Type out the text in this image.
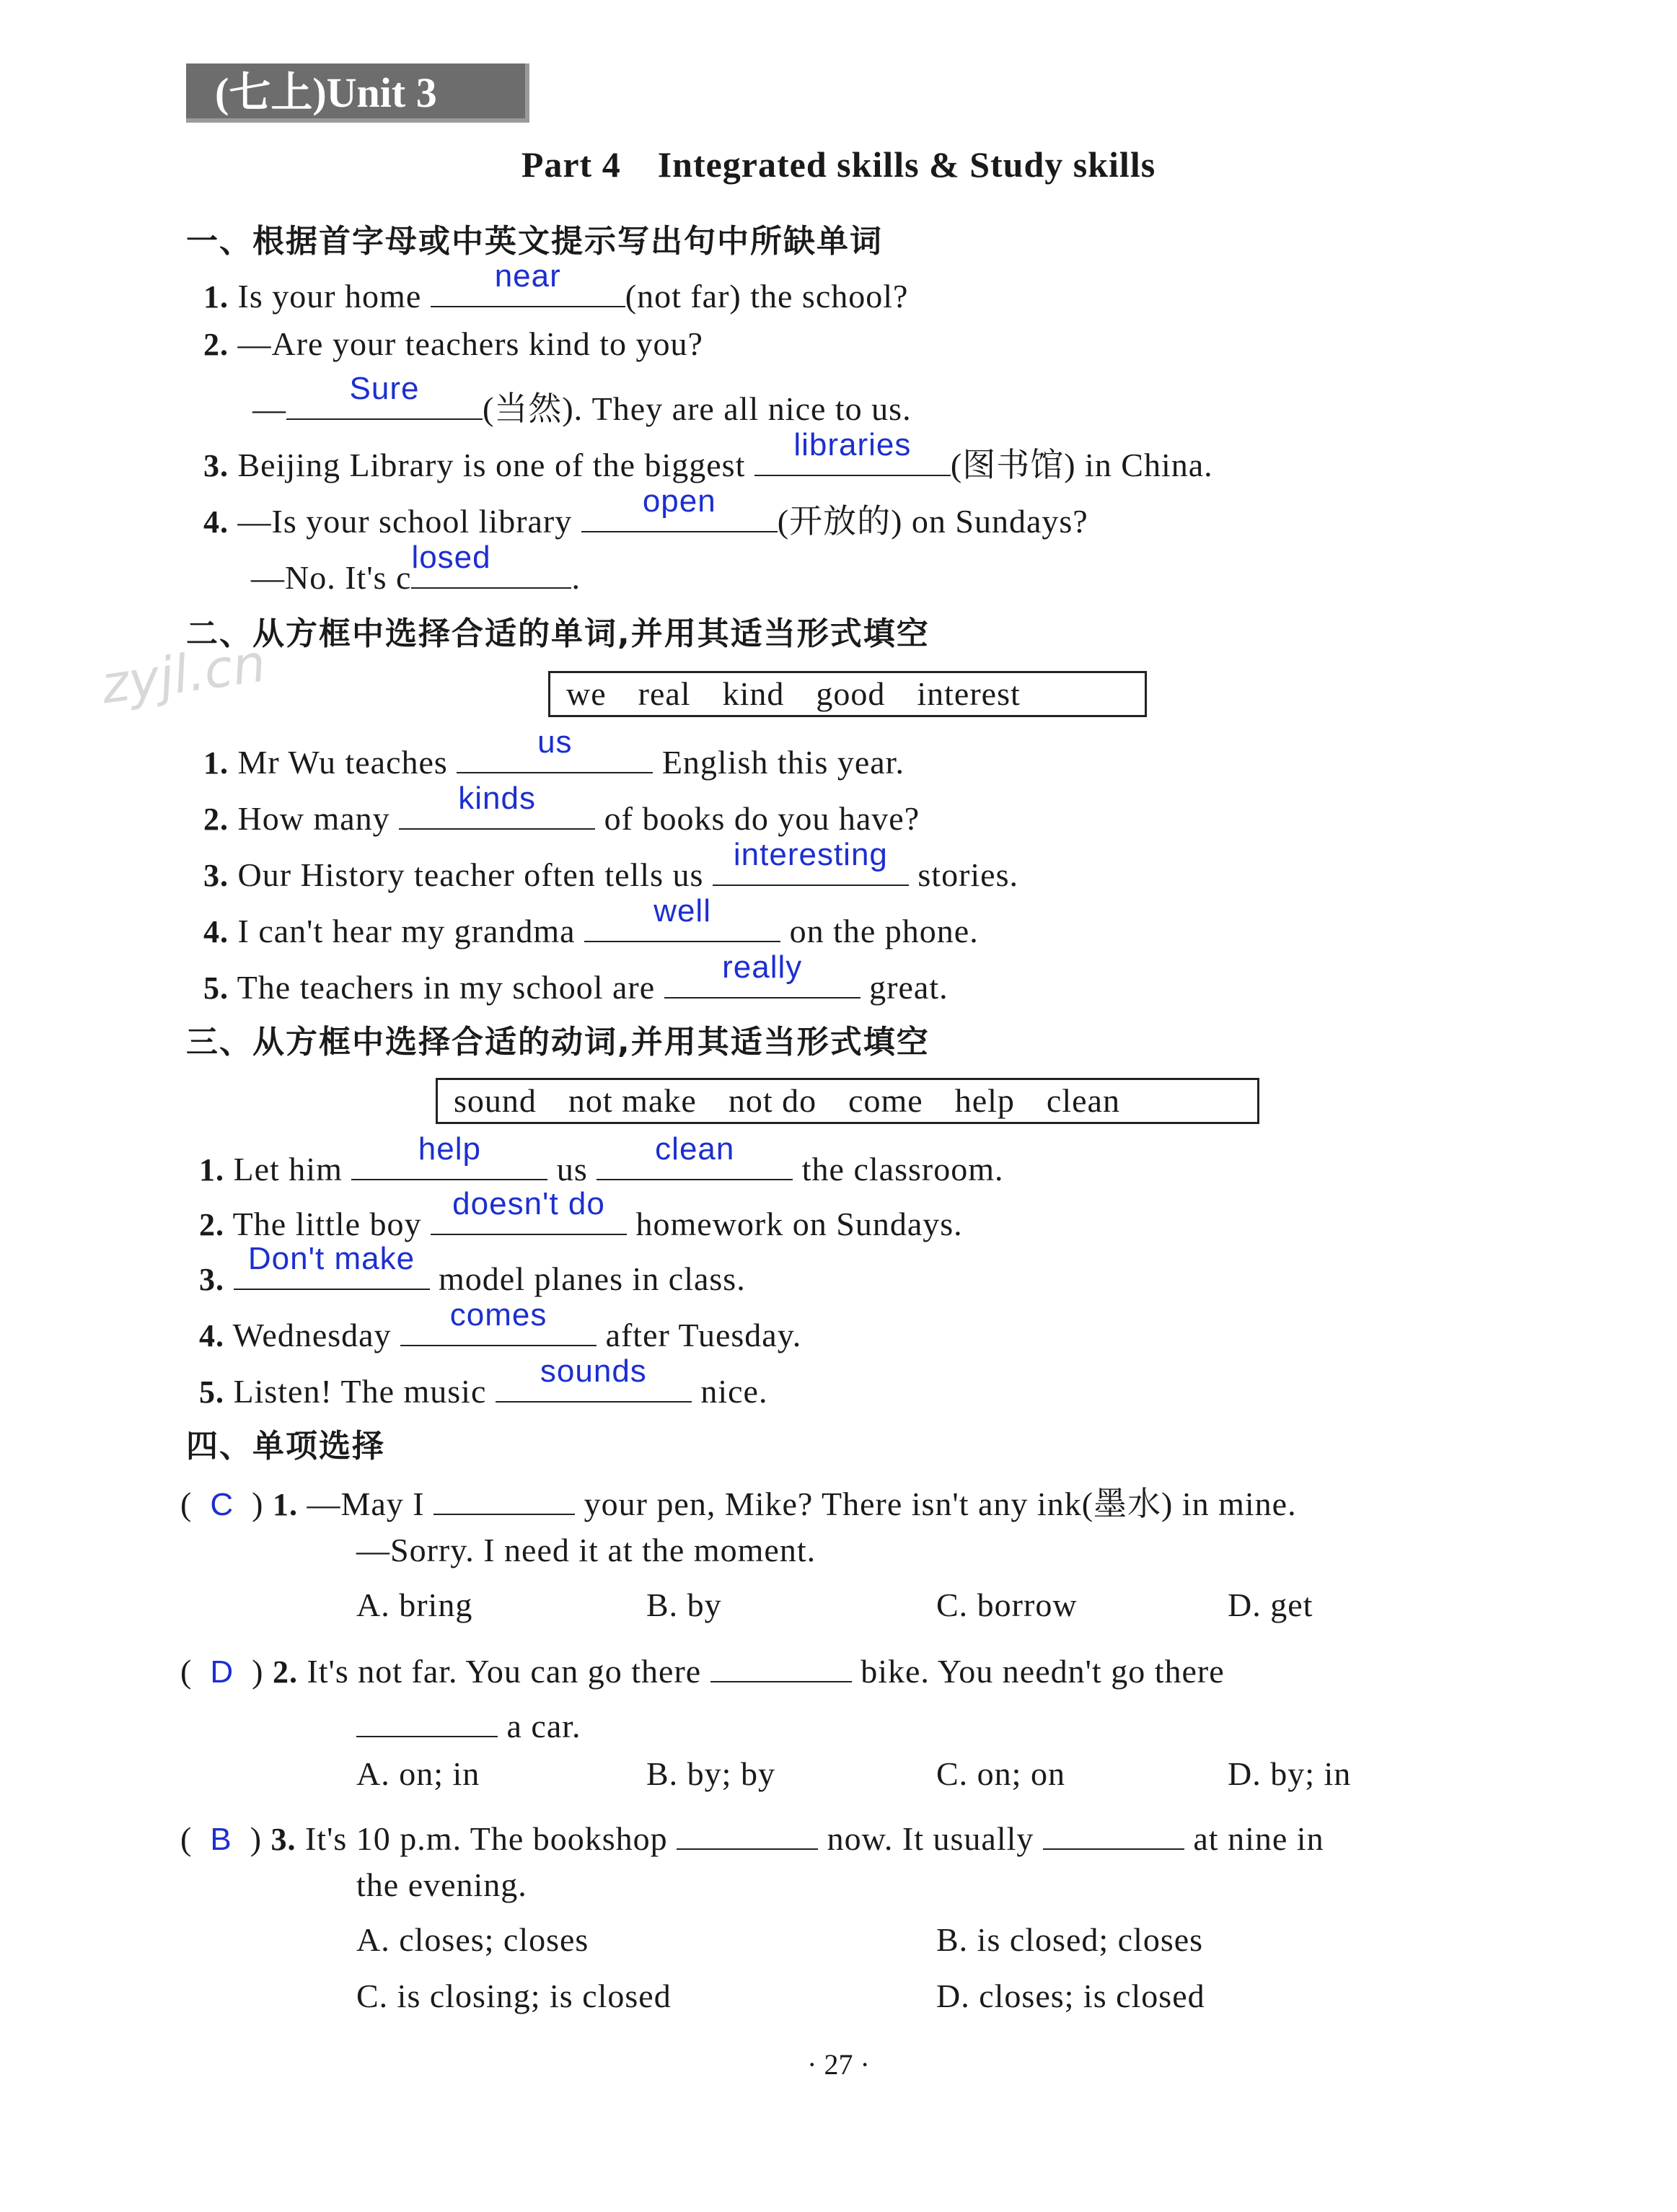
(七上)Unit 3
Part 4　Integrated skills & Study skills
zyjl.cn
一、根据首字母或中英文提示写出句中所缺单词
1. Is your home
near
(not far) the school?
2. —Are your teachers kind to you?
—
Sure
(当然). They are all nice to us.
3. Beijing Library is one of the biggest
libraries
(图书馆) in China.
4. —Is your school library
open
(开放的) on Sundays?
—No. It's c
losed
.
二、从方框中选择合适的单词,并用其适当形式填空
we real kind good interest
1. Mr Wu teaches
us
English this year.
2. How many
kinds
of books do you have?
3. Our History teacher often tells us
interesting
stories.
4. I can't hear my grandma
well
on the phone.
5. The teachers in my school are
really
great.
三、从方框中选择合适的动词,并用其适当形式填空
sound not make not do come help clean
1. Let him
help
us
clean
the classroom.
2. The little boy
doesn't do
homework on Sundays.
3.
Don't make
model planes in class.
4. Wednesday
comes
after Tuesday.
5. Listen! The music
sounds
nice.
四、单项选择
(  C  ) 1. —May I	your pen, Mike? There isn't any ink(墨水) in mine.
—Sorry. I need it at the moment.
A. bring	B. by	C. borrow	D. get
(  D  ) 2. It's not far. You can go there	bike. You needn't go there
a car.
A. on; in	B. by; by	C. on; on	D. by; in
(  B  ) 3. It's 10 p.m. The bookshop	now. It usually	at nine in
the evening.
A. closes; closes	B. is closed; closes
C. is closing; is closed	D. closes; is closed
· 27 ·
